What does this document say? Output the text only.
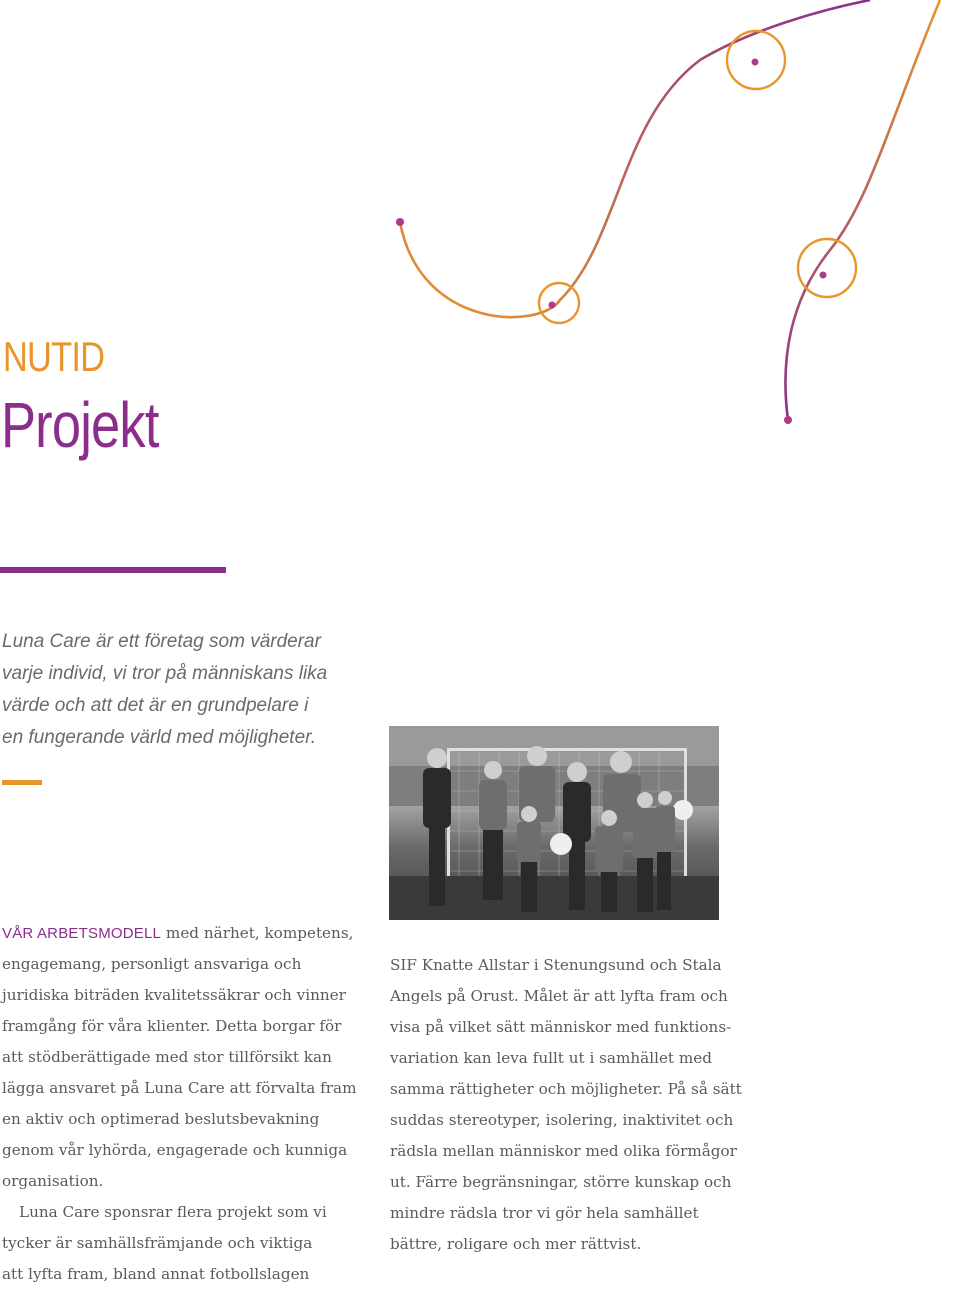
NUTID
Projekt

Luna Care är ett företag som värderar

varje individ, vi tror på människans lika

värde och att det är en grundpelare i

en fungerande värld med möjligheter.

VÅR ARBETSMODELL med närhet, kompetens,

engagemang, personligt ansvariga och

juridiska biträden kvalitetssäkrar och vinner

framgång för våra klienter. Detta borgar för

att stödberättigade med stor tillförsikt kan

lägga ansvaret på Luna Care att förvalta fram

en aktiv och optimerad beslutsbevakning

genom vår lyhörda, engagerade och kunniga

organisation.

Luna Care sponsrar flera projekt som vi

tycker är samhällsfrämjande och viktiga

att lyfta fram, bland annat fotbollslagen

SIF Knatte Allstar i Stenungsund och Stala

Angels på Orust. Målet är att lyfta fram och

visa på vilket sätt människor med funktions-

variation kan leva fullt ut i samhället med

samma rättigheter och möjligheter. På så sätt

suddas stereotyper, isolering, inaktivitet och

rädsla mellan människor med olika förmågor

ut. Färre begränsningar, större kunskap och

mindre rädsla tror vi gör hela samhället

bättre, roligare och mer rättvist.
